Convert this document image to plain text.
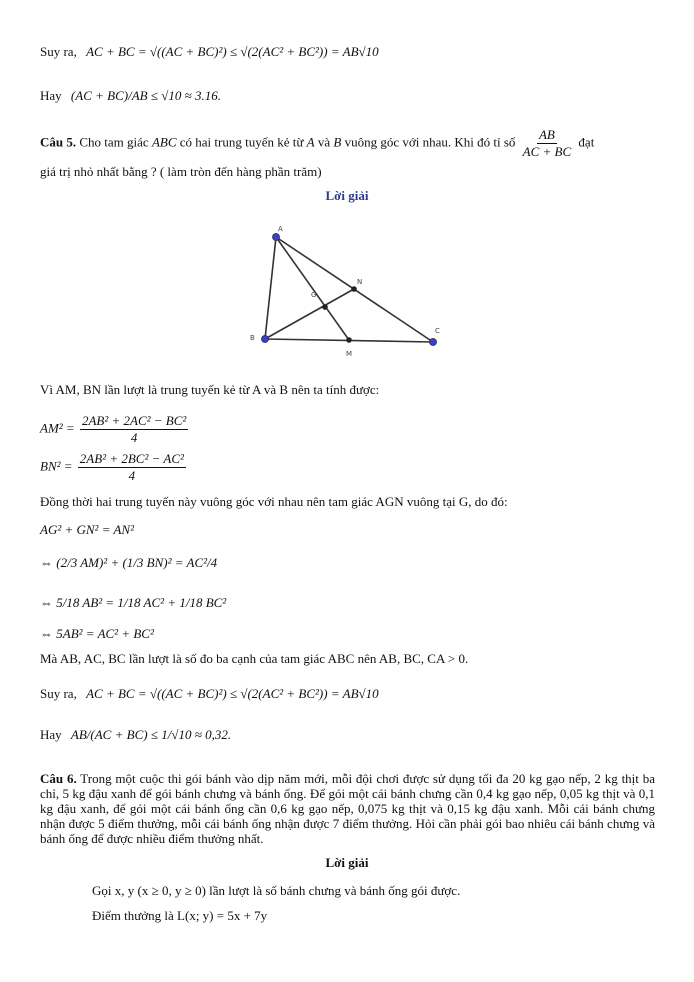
Suy ra, AC + BC = √((AC + BC)²) ≤ √(2(AC² + BC²)) = AB√10
Hay (AC + BC)/AB ≤ √10 ≈ 3.16.
Câu 5. Cho tam giác ABC có hai trung tuyến kẻ từ A và B vuông góc với nhau. Khi đó tỉ số $\frac{AB}{AC + BC}$ đạt
giá trị nhỏ nhất bằng ? ( làm tròn đến hàng phần trăm)
Lời giải
A
B
C
N
G
M
Vì AM, BN lần lượt là trung tuyến kẻ từ A và B nên ta tính được:
$AM^2 = \frac{\text{2AB² + 2AC² − BC²}}{4}$
$BN^2 = \frac{\text{2AB² + 2BC² − AC²}}{4}$
Đồng thời hai trung tuyến này vuông góc với nhau nên tam giác AGN vuông tại G, do đó:
AG² + GN² = AN²
⇔ (2/3 AM)² + (1/3 BN)² = AC²/4
⇔ 5/18 AB² = 1/18 AC² + 1/18 BC²
⇔ 5AB² = AC² + BC²
Mà AB, AC, BC lần lượt là số đo ba cạnh của tam giác ABC nên AB, BC, CA > 0.
Suy ra, AC + BC = √((AC + BC)²) ≤ √(2(AC² + BC²)) = AB√10
Hay AB/(AC + BC) ≤ 1/√10 ≈ 0,32.
Câu 6. Trong một cuộc thi gói bánh vào dịp năm mới, mỗi đội chơi được sử dụng tối đa 20 kg gạo nếp, 2 kg thịt ba chỉ, 5 kg đậu xanh để gói bánh chưng và bánh ống. Để gói một cái bánh chưng cần 0,4 kg gạo nếp, 0,05 kg thịt và 0,1 kg đậu xanh, để gói một cái bánh ống cần 0,6 kg gạo nếp, 0,075 kg thịt và 0,15 kg đậu xanh. Mỗi cái bánh chưng nhận được 5 điểm thưởng, mỗi cái bánh ống nhận được 7 điểm thưởng. Hỏi cần phải gói bao nhiêu cái bánh chưng và bánh ống để được nhiều điểm thưởng nhất.
Lời giải
Gọi x, y (x ≥ 0, y ≥ 0) lần lượt là số bánh chưng và bánh ống gói được.
Điểm thưởng là L(x; y) = 5x + 7y
